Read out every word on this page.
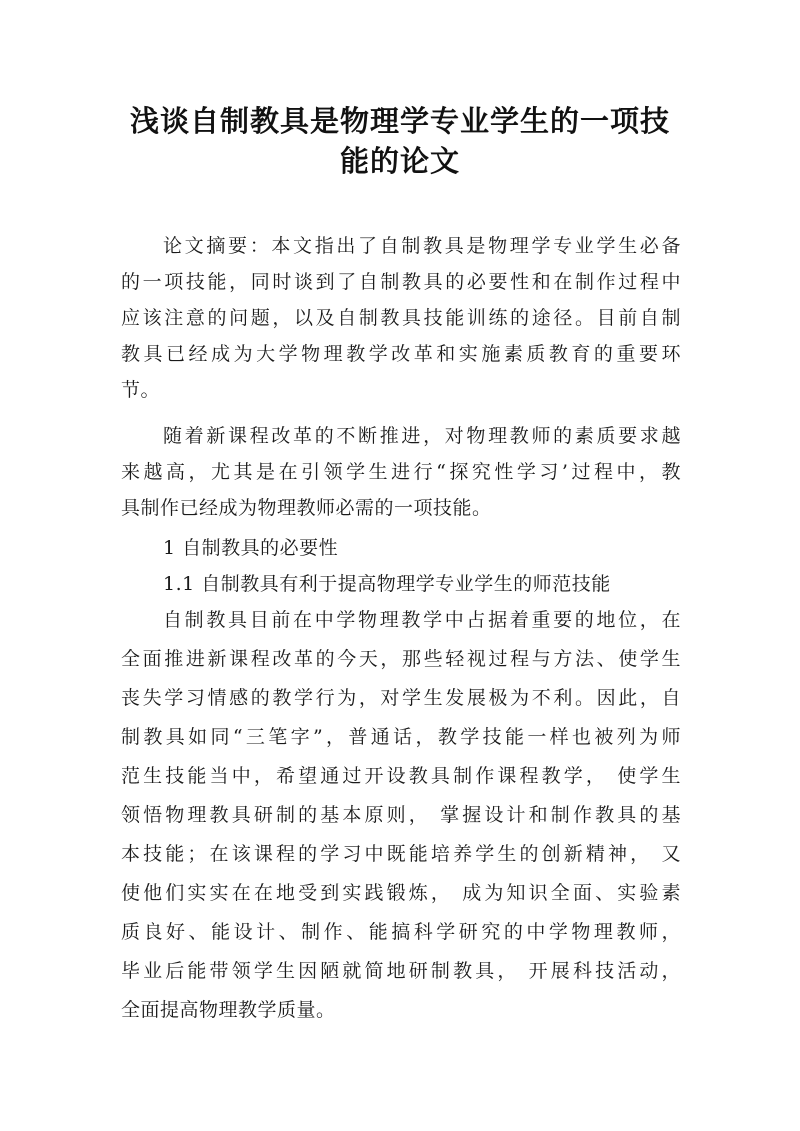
浅谈自制教具是物理学专业学生的一项技
能的论文
论文摘要：本文指出了自制教具是物理学专业学生必备
的一项技能，同时谈到了自制教具的必要性和在制作过程中
应该注意的问题，以及自制教具技能训练的途径。目前自制
教具已经成为大学物理教学改革和实施素质教育的重要环
节。
随着新课程改革的不断推进，对物理教师的素质要求越
来越高，尤其是在引领学生进行“探究性学习’过程中，教
具制作已经成为物理教师必需的一项技能。
1 自制教具的必要性
1.1 自制教具有利于提高物理学专业学生的师范技能
自制教具目前在中学物理教学中占据着重要的地位，在
全面推进新课程改革的今天，那些轻视过程与方法、使学生
丧失学习情感的教学行为，对学生发展极为不利。因此，自
制教具如同“三笔字”，普通话，教学技能一样也被列为师
范生技能当中，希望通过开设教具制作课程教学， 使学生
领悟物理教具研制的基本原则， 掌握设计和制作教具的基
本技能；在该课程的学习中既能培养学生的创新精神， 又
使他们实实在在地受到实践锻炼， 成为知识全面、实验素
质良好、能设计、制作、能搞科学研究的中学物理教师，
毕业后能带领学生因陋就简地研制教具， 开展科技活动，
全面提高物理教学质量。
